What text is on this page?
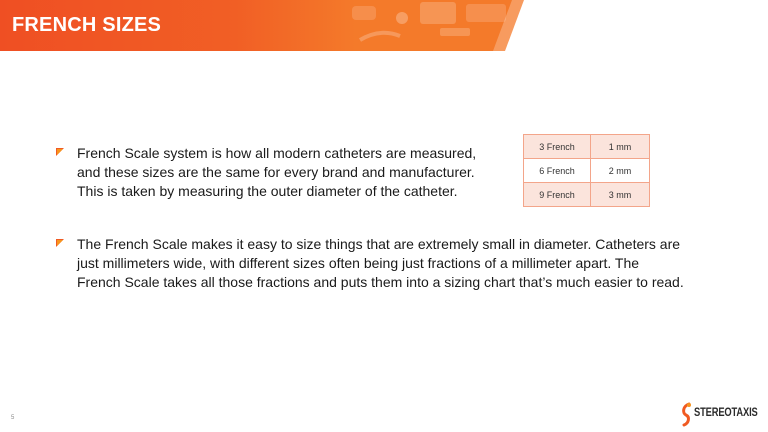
FRENCH SIZES
French Scale system is how all modern catheters are measured,
and these sizes are the same for every brand and manufacturer.
This is taken by measuring the outer diameter of the catheter.
3 French	1 mm
6 French	2 mm
9 French	3 mm
The French Scale makes it easy to size things that are extremely small in diameter. Catheters are
just millimeters wide, with different sizes often being just fractions of a millimeter apart. The
French Scale takes all those fractions and puts them into a sizing chart that’s much easier to read.
5	STEREOTAXIS
